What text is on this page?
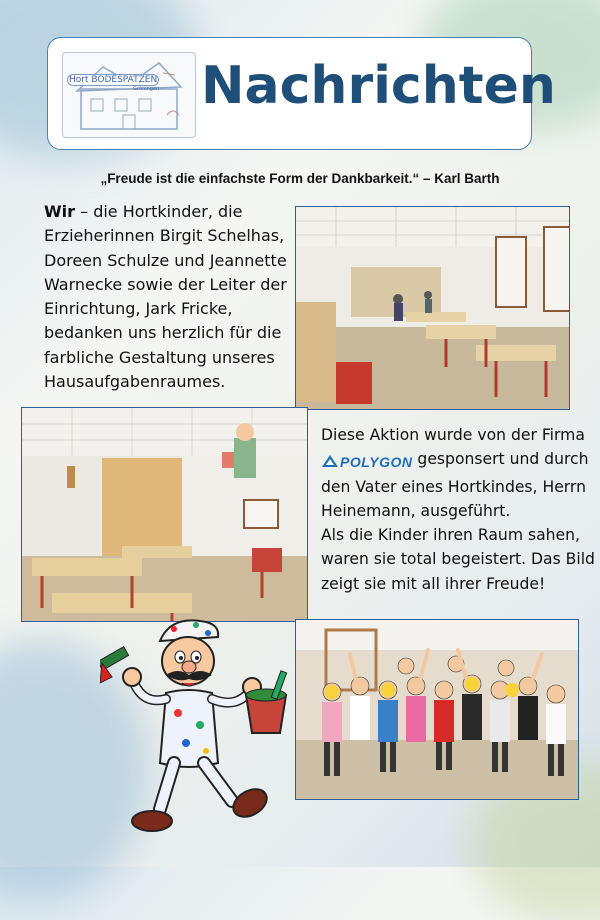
Hort BODESPATZEN
Gröningen Nachrichten
„Freude ist die einfachste Form der Dankbarkeit.“ – Karl Barth
Wir – die Hortkinder, die Erzieherinnen Birgit Schelhas, Doreen Schulze und Jeannette Warnecke sowie der Leiter der Einrichtung, Jark Fricke, bedanken uns herzlich für die farbliche Gestaltung unseres Hausaufgabenraumes.
Diese Aktion wurde von der Firma POLYGON gesponsert und durch den Vater eines Hortkindes, Herrn Heinemann, ausgeführt.
Als die Kinder ihren Raum sahen, waren sie total begeistert. Das Bild zeigt sie mit all ihrer Freude!
